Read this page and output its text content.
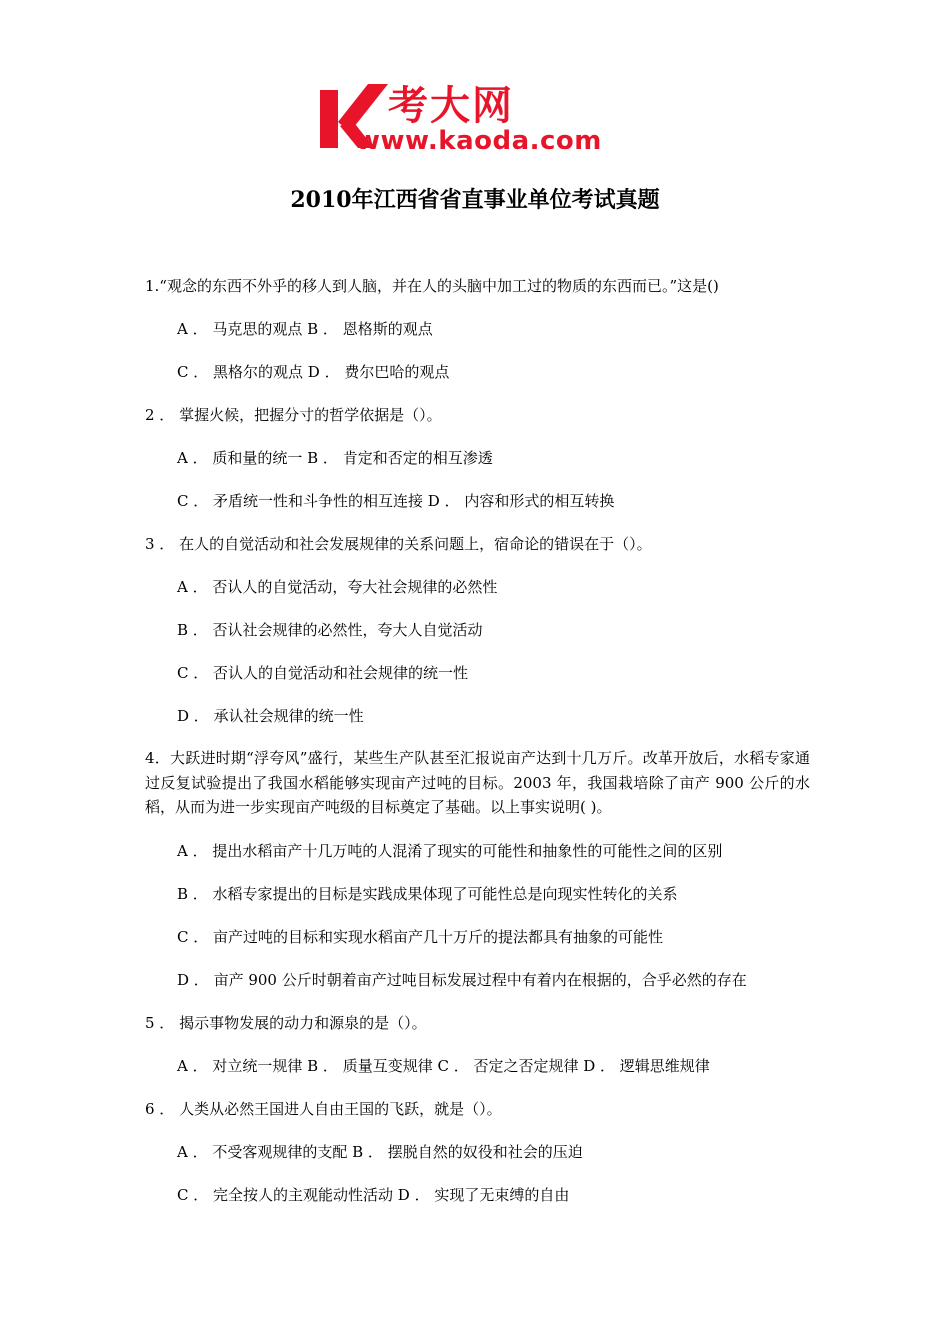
考大网
www.kaoda.com
2010年江西省省直事业单位考试真题
1.“观念的东西不外乎的移人到人脑，并在人的头脑中加工过的物质的东西而已。”这是()
A ． 马克思的观点 B ． 恩格斯的观点
C ． 黑格尔的观点 D ． 费尔巴哈的观点
2 ． 掌握火候，把握分寸的哲学依据是（）。
A ． 质和量的统一 B ． 肯定和否定的相互渗透
C ． 矛盾统一性和斗争性的相互连接 D ． 内容和形式的相互转换
3 ． 在人的自觉活动和社会发展规律的关系问题上，宿命论的错误在于（）。
A ． 否认人的自觉活动，夸大社会规律的必然性
B ． 否认社会规律的必然性，夸大人自觉活动
C ． 否认人的自觉活动和社会规律的统一性
D ． 承认社会规律的统一性
4．大跃进时期“浮夸风”盛行，某些生产队甚至汇报说亩产达到十几万斤。改革开放后，水稻专家通过反复试验提出了我国水稻能够实现亩产过吨的目标。2003 年，我国栽培除了亩产 900 公斤的水稻，从而为进一步实现亩产吨级的目标奠定了基础。以上事实说明( )。
A ． 提出水稻亩产十几万吨的人混淆了现实的可能性和抽象性的可能性之间的区别
B ． 水稻专家提出的目标是实践成果体现了可能性总是向现实性转化的关系
C ． 亩产过吨的目标和实现水稻亩产几十万斤的提法都具有抽象的可能性
D ． 亩产 900 公斤时朝着亩产过吨目标发展过程中有着内在根据的，合乎必然的存在
5 ． 揭示事物发展的动力和源泉的是（）。
A ． 对立统一规律 B ． 质量互变规律 C ． 否定之否定规律 D ． 逻辑思维规律
6 ． 人类从必然王国进人自由王国的飞跃，就是（）。
A ． 不受客观规律的支配 B ． 摆脱自然的奴役和社会的压迫
C ． 完全按人的主观能动性活动 D ． 实现了无束缚的自由
